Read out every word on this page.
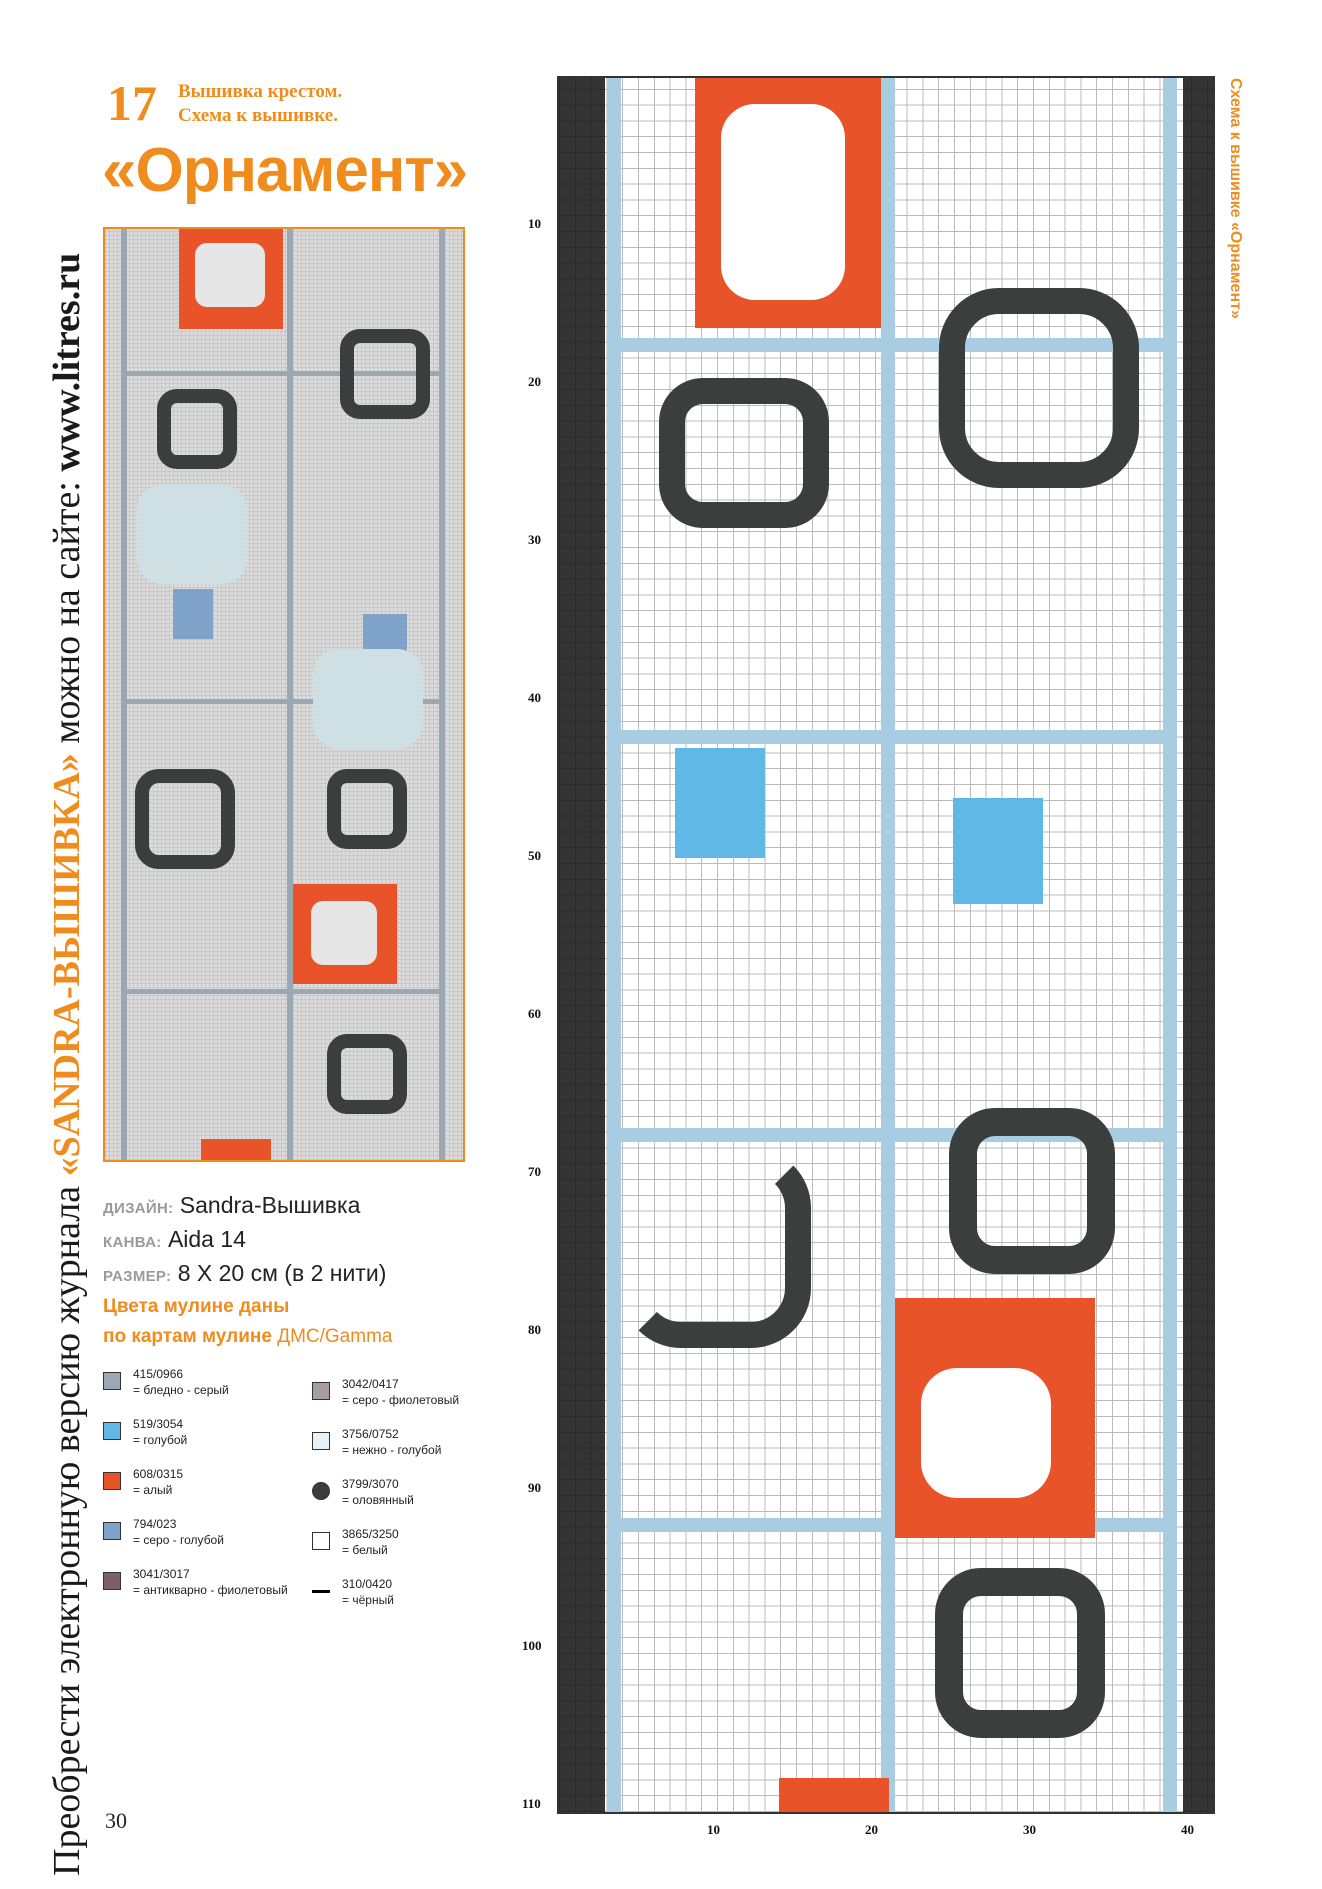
Преобрести электронную версию журнала «SANDRA-ВЫШИВКА» можно на сайте: www.litres.ru
Схема к вышивке «Орнамент»
17 Вышивка крестом.
Схема к вышивке.
«Орнамент»
ДИЗАЙН: Sandra-Вышивка
КАНВА: Aida 14
РАЗМЕР: 8 Х 20 см (в 2 нити)
Цвета мулине даны
по картам мулине ДМС/Gamma
415/0966
= бледно - серый
519/3054
= голубой
608/0315
= алый
794/023
= серо - голубой
3041/3017
= антикварно - фиолетовый
3042/0417
= серо - фиолетовый
3756/0752
= нежно - голубой
3799/3070
= оловянный
3865/3250
= белый
310/0420
= чёрный
10
20
30
40
50
60
70
80
90
100
110
10	20	30	40
30
